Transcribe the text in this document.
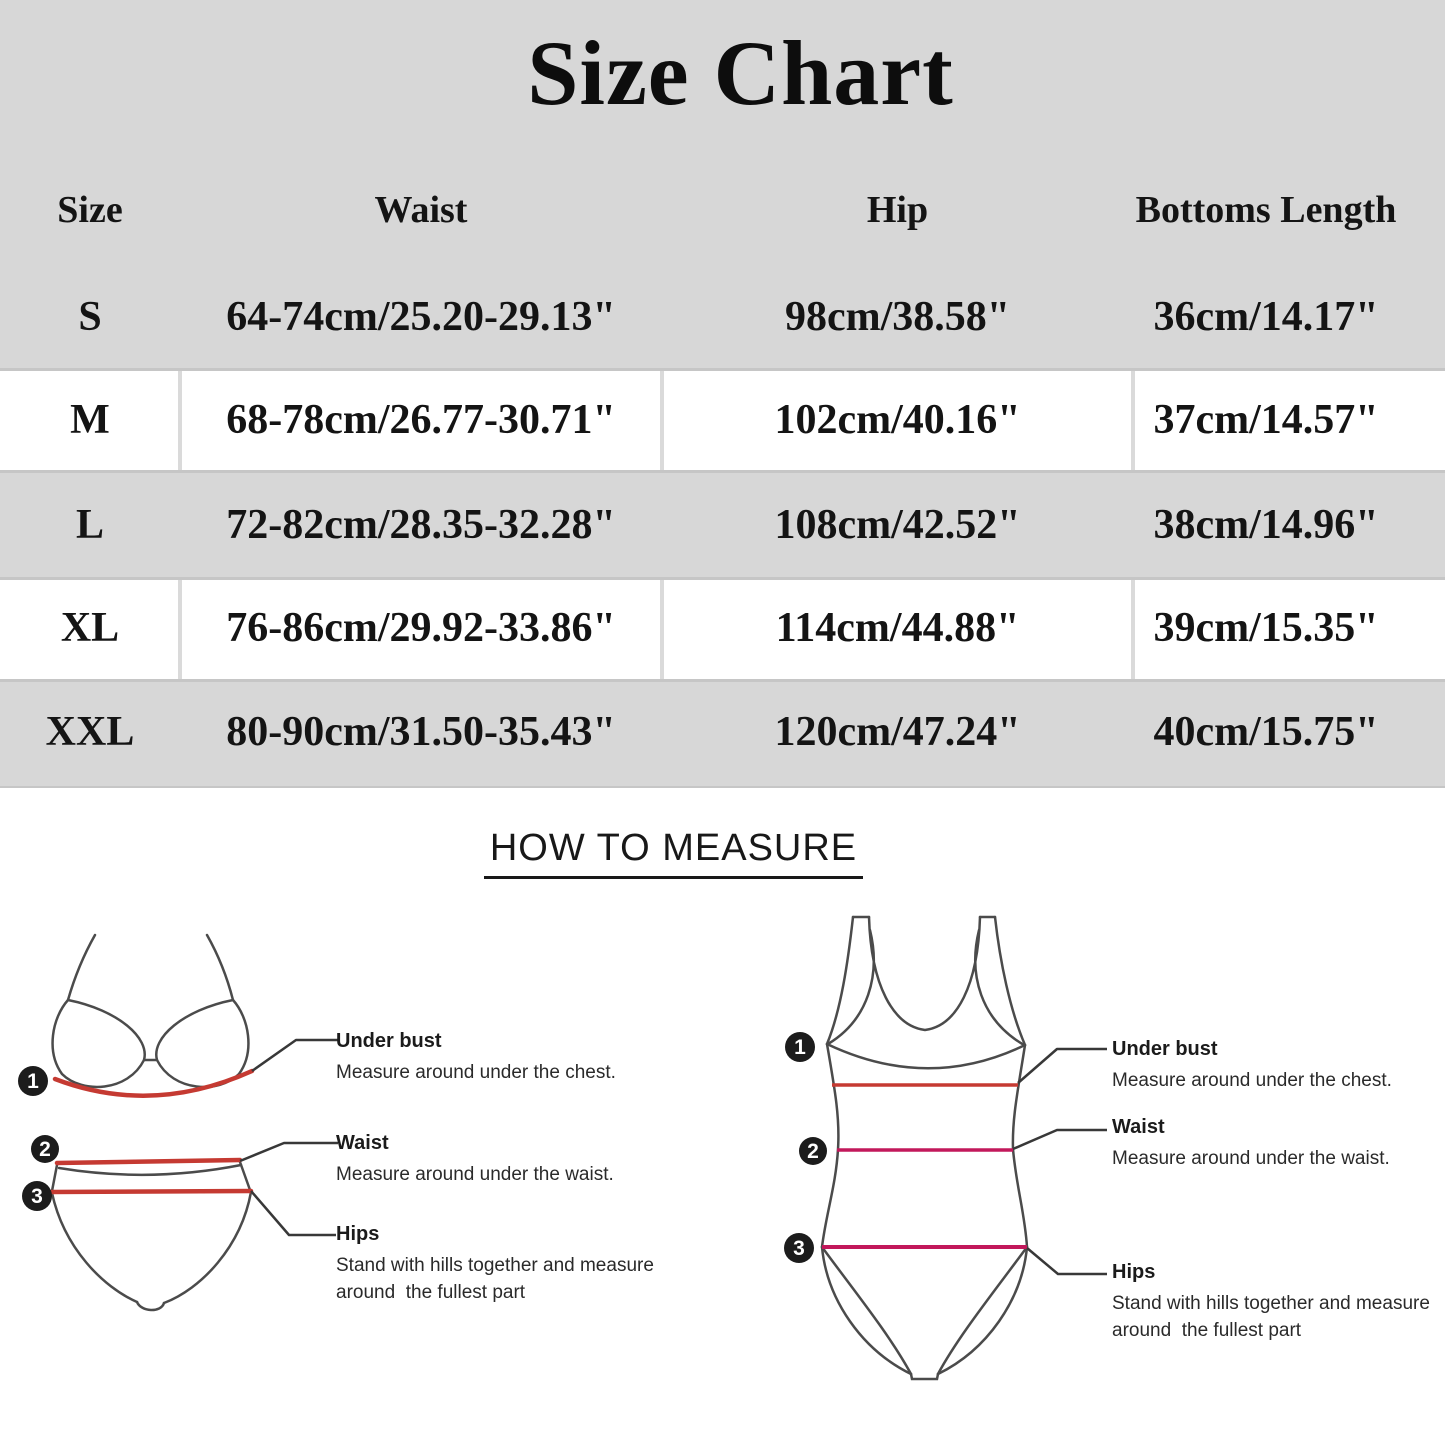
Size Chart
Size	Waist	Hip	Bottoms Length
S	64-74cm/25.20-29.13"	98cm/38.58"	36cm/14.17"
M	68-78cm/26.77-30.71"	102cm/40.16"	37cm/14.57"
L	72-82cm/28.35-32.28"	108cm/42.52"	38cm/14.96"
XL	76-86cm/29.92-33.86"	114cm/44.88"	39cm/15.35"
XXL	80-90cm/31.50-35.43"	120cm/47.24"	40cm/15.75"
HOW TO MEASURE
1
2
3
1
2
3
Under bust
Measure around under the chest.
Waist
Measure around under the waist.
Hips
Stand with hills together and measure around  the fullest part
Under bust
Measure around under the chest.
Waist
Measure around under the waist.
Hips
Stand with hills together and measure around  the fullest part
